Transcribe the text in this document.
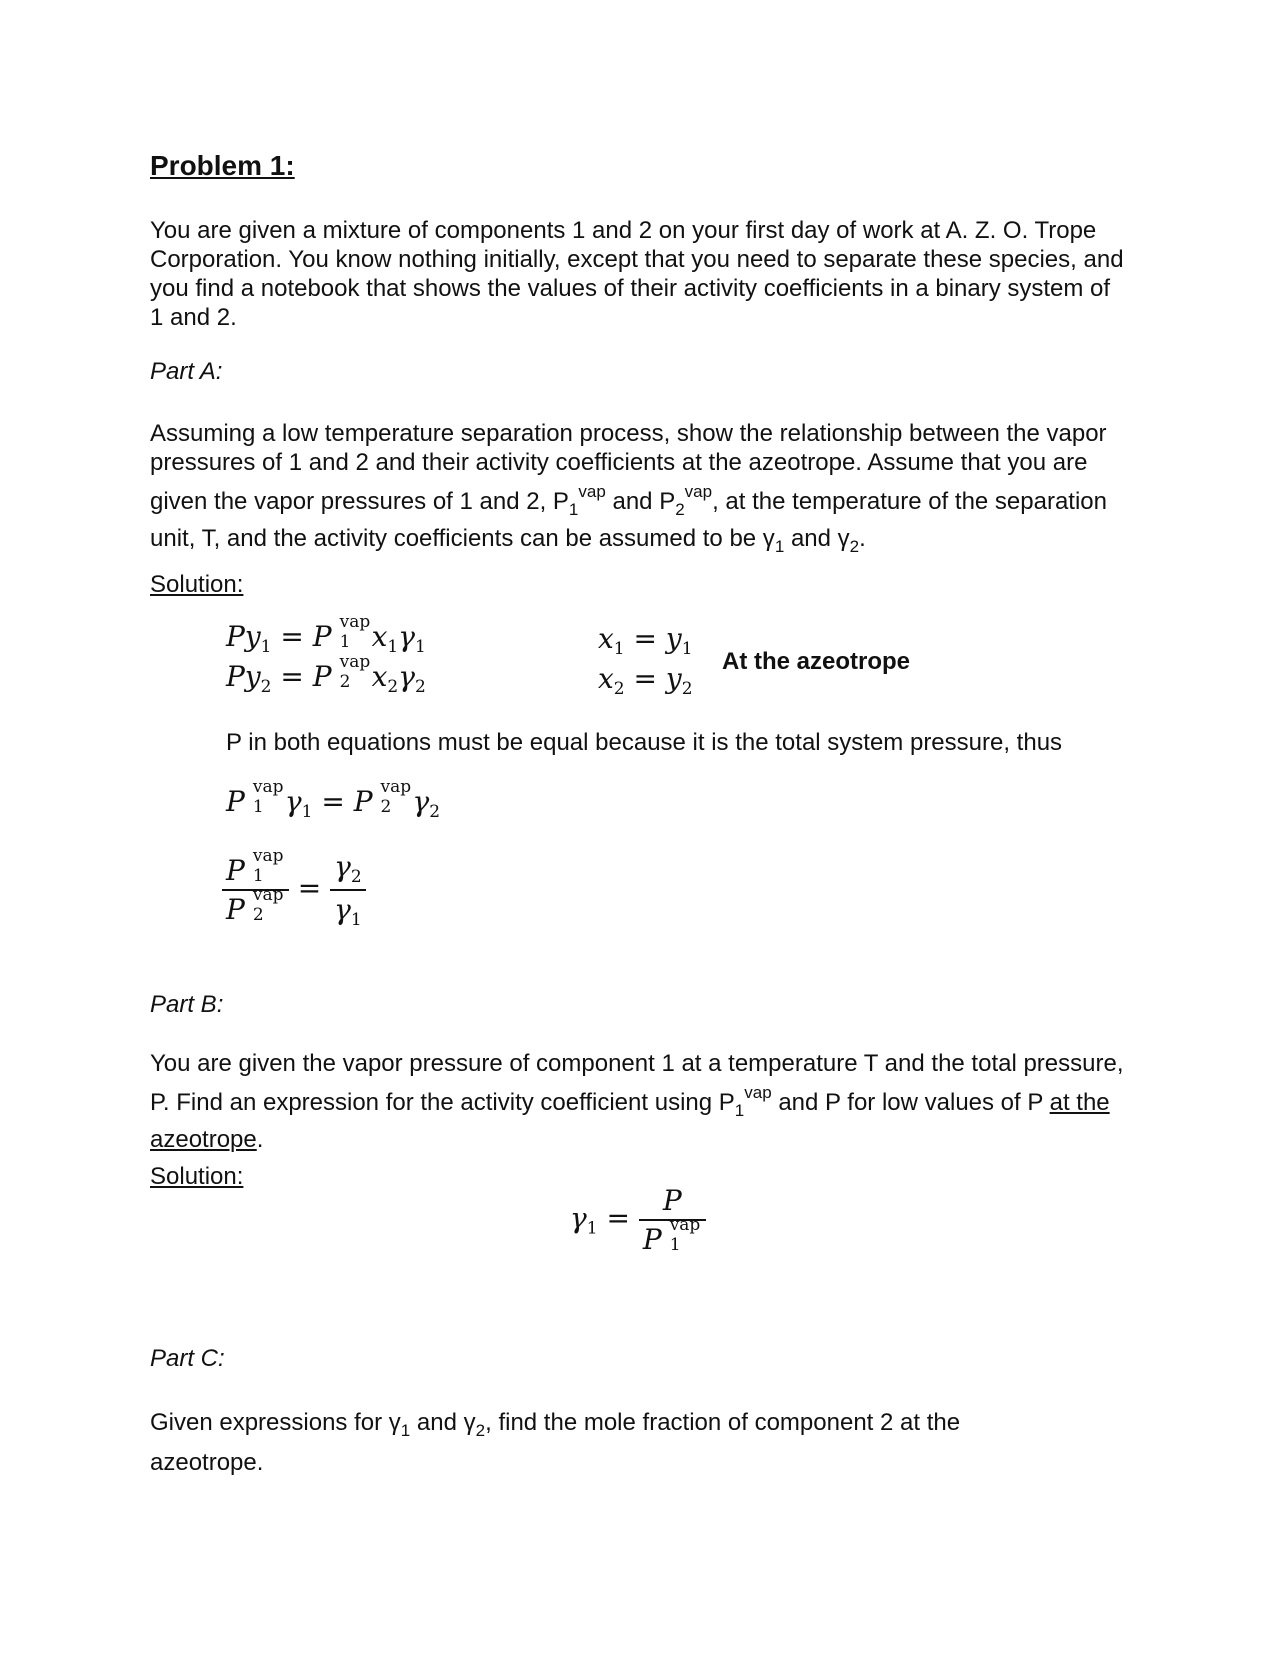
Problem 1:
You are given a mixture of components 1 and 2 on your first day of work at A. Z. O. Trope Corporation. You know nothing initially, except that you need to separate these species, and you find a notebook that shows the values of their activity coefficients in a binary system of 1 and 2.
Part A:
Assuming a low temperature separation process, show the relationship between the vapor pressures of 1 and 2 and their activity coefficients at the azeotrope. Assume that you are given the vapor pressures of 1 and 2, $P_1^{vap}$ and $P_2^{vap}$, at the temperature of the separation unit, T, and the activity coefficients can be assumed to be $\gamma_1$ and $\gamma_2$.
Solution:
$Py_1 = P$ vap
1 $x_1\gamma_1$
$Py_2 = P$ vap
2 $x_2\gamma_2$
$x_1 = y_1$
$x_2 = y_2$
At the azeotrope
P in both equations must be equal because it is the total system pressure, thus
P vap
1 $\gamma_1 = P$ vap
2 $\gamma_2$
P vap
1
P vap
$2 = \frac{\gamma_2}{\gamma_1}$
Part B:
You are given the vapor pressure of component 1 at a temperature T and the total pressure, P. Find an expression for the activity coefficient using $P_1^{vap}$ and P for low values of P at the azeotrope.
Solution:
$\gamma_1 = P$
P vap
1
Part C:
Given expressions for $\gamma_1$ and $\gamma_2$, find the mole fraction of component 2 at the azeotrope.
